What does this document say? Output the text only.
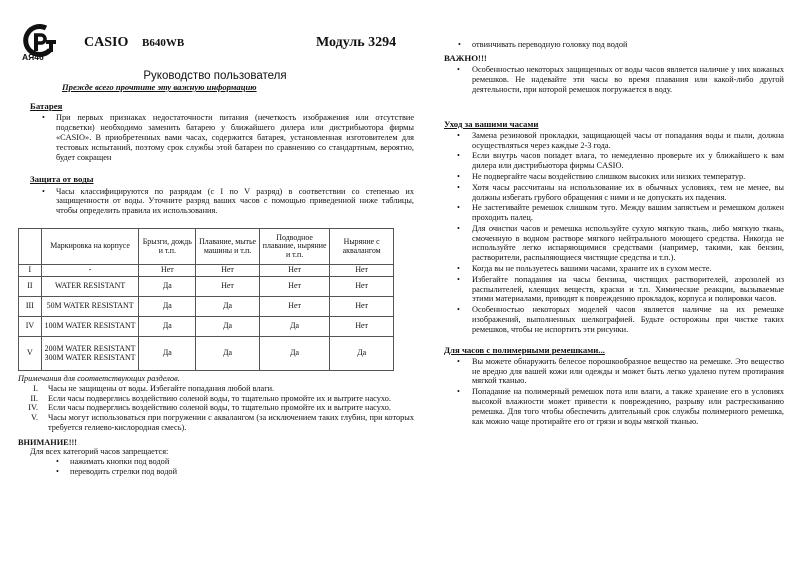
АЯ46
CASIO B640WB	Модуль 3294
Руководство пользователя
Прежде всего прочтите эту важную информацию
Батарея
• При первых признаках недостаточности питания (нечеткость изображения или отсутствие подсветки) необходимо заменить батарею у ближайшего дилера или дистрибьютора фирмы «CASIO». В приобретенных вами часах, содержится батарея, установленная изготовителем для тестовых испытаний, поэтому срок службы этой батареи по сравнению со стандартным, вероятно, будет сокращен
Защита от воды
• Часы классифицируются по разрядам (с I по V разряд) в соответствии со степенью их защищенности от воды. Уточните разряд ваших часов с помощью приведенной ниже таблицы, чтобы определить правила их использования.
	Маркировка на корпусе	Брызги, дождь и т.п.	Плавание, мытье машины и т.п.	Подводное плавание, ныряние и т.п.	Ныряние с аквалангом
I	-	Нет	Нет	Нет	Нет
II	WATER RESISTANT	Да	Нет	Нет	Нет
III	50M WATER RESISTANT	Да	Да	Нет	Нет
IV	100M WATER RESISTANT	Да	Да	Да	Нет
V	200M WATER RESISTANT 300M WATER RESISTANT	Да	Да	Да	Да
Примечания для соответствующих разделов.
I. Часы не защищены от воды. Избегайте попадания любой влаги.
II. Если часы подверглись воздействию соленой воды, то тщательно промойте их и вытрите насухо.
IV. Если часы подверглись воздействию соленой воды, то тщательно промойте их и вытрите насухо.
V. Часы могут использоваться при погружении с аквалангом (за исключением таких глубин, при которых требуется гелиево-кислородная смесь).
ВНИМАНИЕ!!!
Для всех категорий часов запрещается:
• нажимать кнопки под водой
• переводить стрелки под водой
• отвинчивать переводную головку под водой
ВАЖНО!!!
• Особенностью некоторых защищенных от воды часов является наличие у них кожаных ремешков. Не надевайте эти часы во время плавания или какой-либо другой деятельности, при которой ремешок погружается в воду.
Уход за вашими часами
• Замена резиновой прокладки, защищающей часы от попадания воды и пыли, должна осуществляться через каждые 2-3 года.
• Если внутрь часов попадет влага, то немедленно проверьте их у ближайшего к вам дилера или дистрибьютора фирмы CASIO.
• Не подвергайте часы воздействию слишком высоких или низких температур.
• Хотя часы рассчитаны на использование их в обычных условиях, тем не менее, вы должны избегать грубого обращения с ними и не допускать их падения.
• Не застегивайте ремешок слишком туго. Между вашим запястьем и ремешком должен проходить палец.
• Для очистки часов и ремешка используйте сухую мягкую ткань, либо мягкую ткань, смоченную в водном растворе мягкого нейтрального моющего средства. Никогда не используйте легко испаряющимися средствами (например, такими, как бензин, растворители, распыляющиеся чистящие средства и т.п.).
• Когда вы не пользуетесь вашими часами, храните их в сухом месте.
• Избегайте попадания на часы бензина, чистящих растворителей, аэрозолей из распылителей, клеящих веществ, краски и т.п. Химические реакции, вызываемые этими материалами, приводят к повреждению прокладок, корпуса и полировки часов.
• Особенностью некоторых моделей часов является наличие на их ремешке изображений, выполненных шелкографией. Будьте осторожны при чистке таких ремешков, чтобы не испортить эти рисунки.
Для часов с полимерными ремешками...
• Вы можете обнаружить белесое порошкообразное вещество на ремешке. Это вещество не вредно для вашей кожи или одежды и может быть легко удалено путем протирания мягкой тканью.
• Попадание на полимерный ремешок пота или влаги, а также хранение его в условиях высокой влажности может привести к повреждению, разрыву или растрескиванию ремешка. Для того чтобы обеспечить длительный срок службы полимерного ремешка, как можно чаще протирайте его от грязи и воды мягкой тканью.
